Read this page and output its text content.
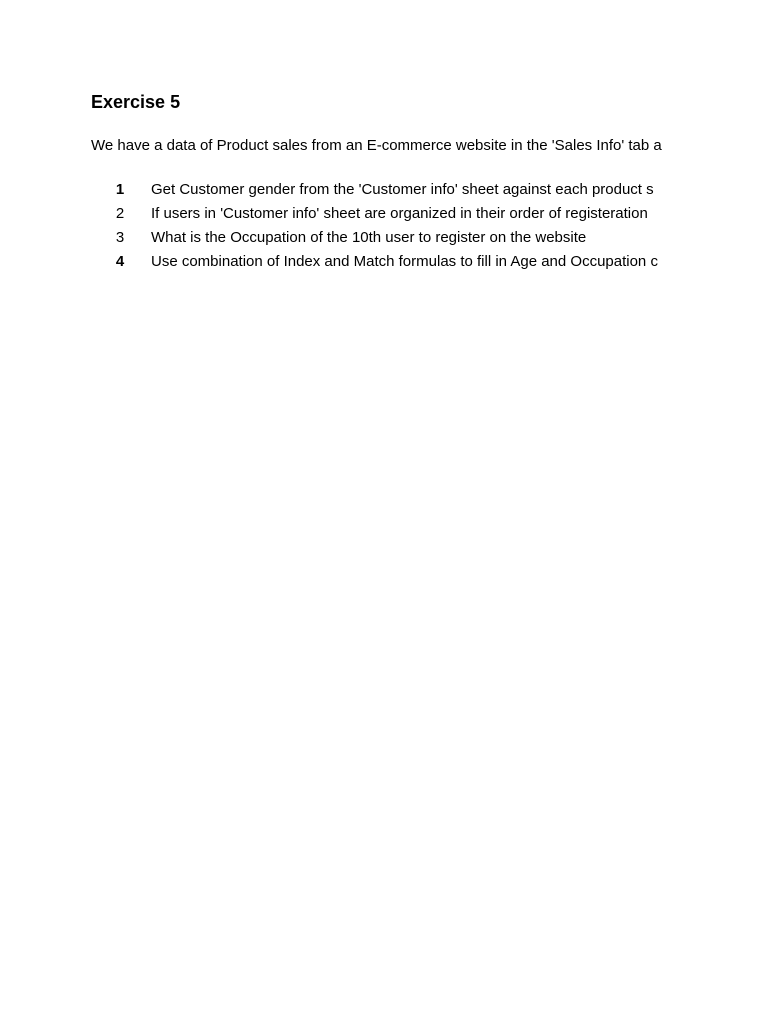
Exercise 5
We have a data of Product sales from an E-commerce website in the 'Sales Info' tab a
1	Get Customer gender from the 'Customer info' sheet against each product s
2	If users in 'Customer info' sheet are organized in their order of registeration
3	What is the Occupation of the 10th user to register on the website
4	Use combination of Index and Match formulas to fill in Age and Occupation c
